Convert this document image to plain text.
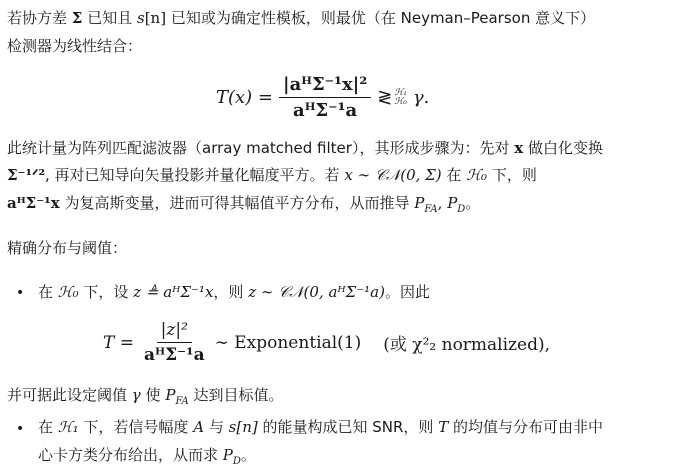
若协方差 Σ 已知且 s[n] 已知或为确定性模板，则最优（在 Neyman–Pearson 意义下）
检测器为线性结合：
$T(x) = \frac{\text{|aᴴΣ⁻¹x|²}}{\text{aᴴΣ⁻¹a}}$ ≷ ℋ₁
ℋ₀ γ.
此统计量为阵列匹配滤波器（array matched filter），其形成步骤为：先对 x 做白化变换
Σ⁻¹ᐟ², 再对已知导向矢量投影并量化幅度平方。若 x ∼ 𝒞𝒩(0, Σ) 在 ℋ₀ 下，则
aᴴΣ⁻¹x 为复高斯变量，进而可得其幅值平方分布，从而推导 $P_{FA}$, $P_D$。
精确分布与阈值：
• 在 ℋ₀ 下，设 z ≜ aᴴΣ⁻¹x，则 z ∼ 𝒞𝒩(0, aᴴΣ⁻¹a)。因此
$T = \frac{\text{|z|²}}{\text{aᴴΣ⁻¹a}}$ ∼ Exponential(1) (或 χ²₂ normalized),
并可据此设定阈值 γ 使 $P_{FA}$ 达到目标值。
• 在 ℋ₁ 下，若信号幅度 A 与 s[n] 的能量构成已知 SNR，则 T 的均值与分布可由非中
心卡方类分布给出，从而求 $P_D$。
